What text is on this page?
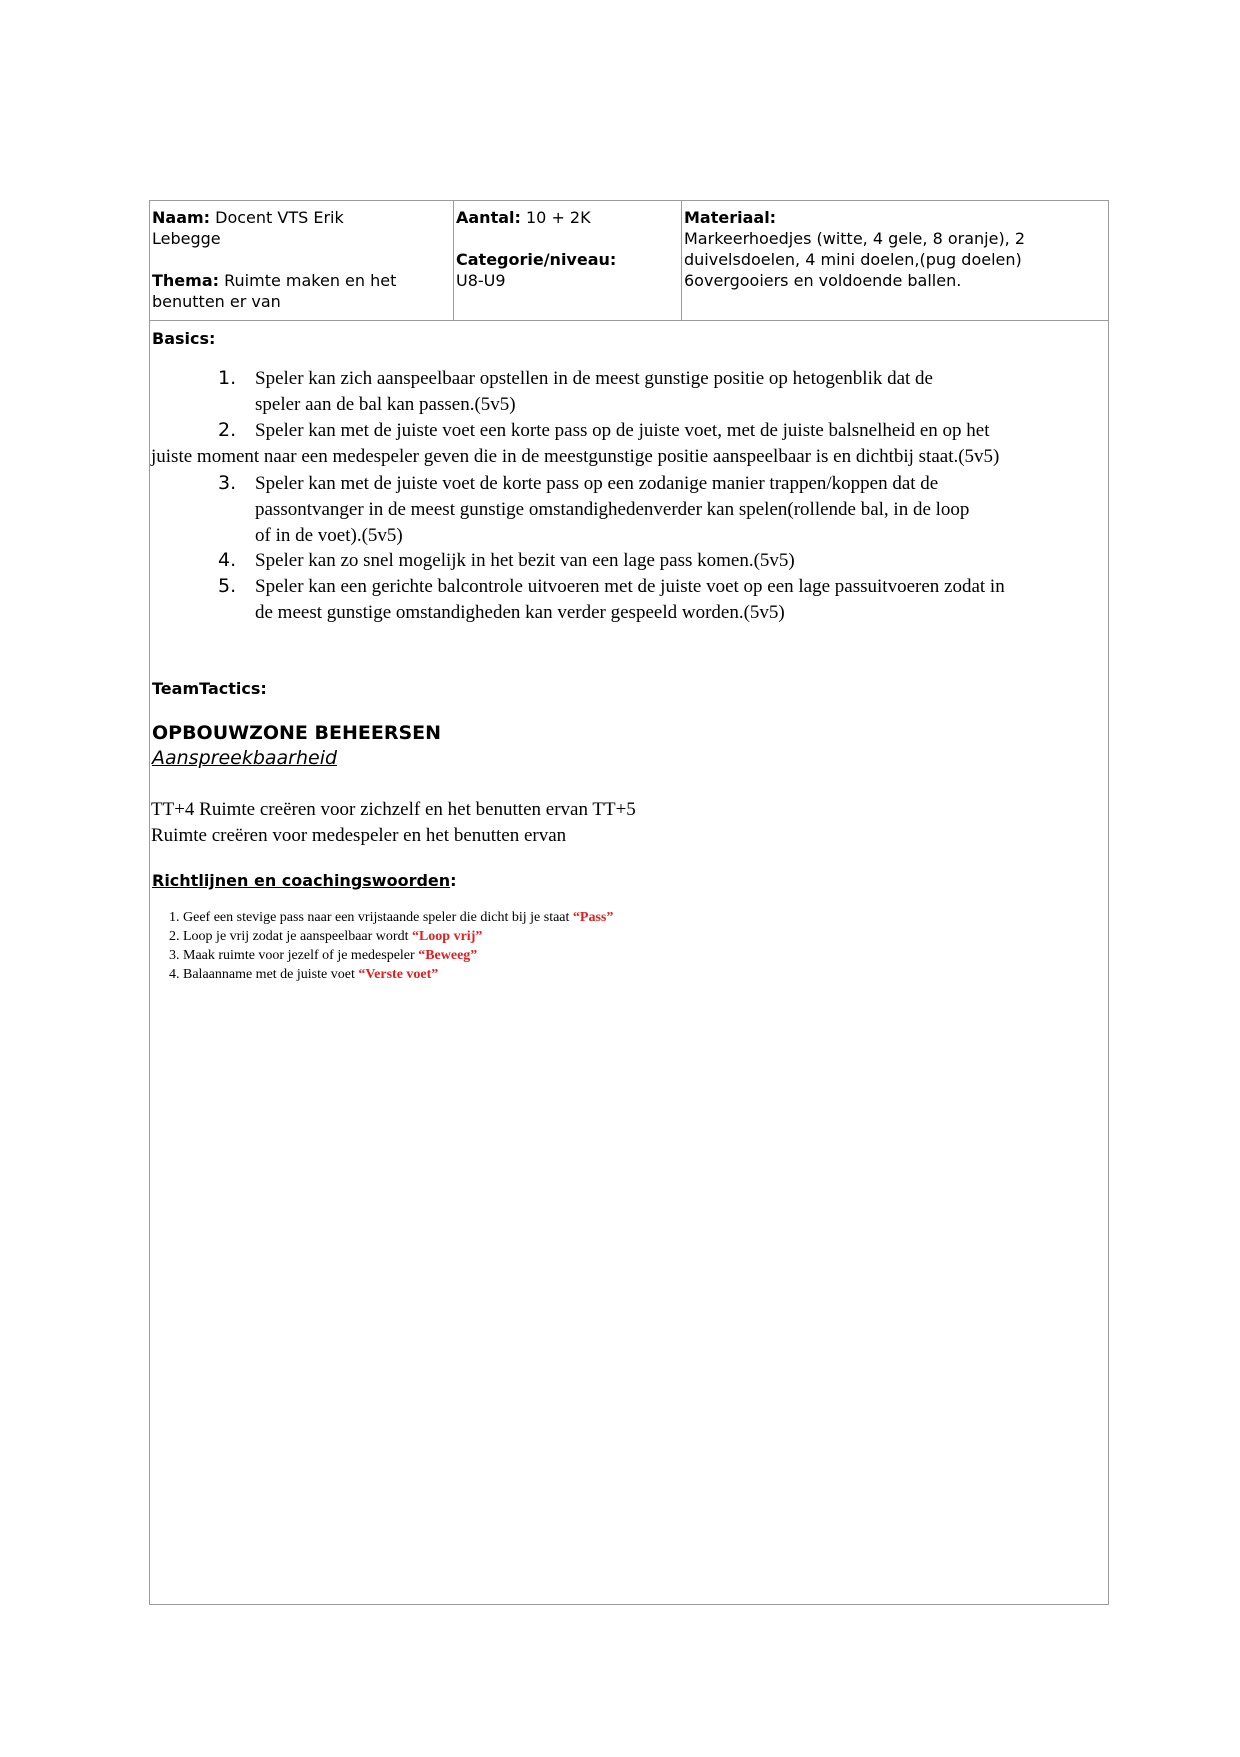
Naam: Docent VTS Erik
Lebegge
Thema: Ruimte maken en het
benutten er van
Aantal: 10 + 2K
Categorie/niveau:
U8-U9
Materiaal:
Markeerhoedjes (witte, 4 gele, 8 oranje), 2
duivelsdoelen, 4 mini doelen,(pug doelen)
6overgooiers en voldoende ballen.
Basics:
1. Speler kan zich aanspeelbaar opstellen in de meest gunstige positie op hetogenblik dat de
speler aan de bal kan passen.(5v5)
2. Speler kan met de juiste voet een korte pass op de juiste voet, met de juiste balsnelheid en op het
juiste moment naar een medespeler geven die in de meestgunstige positie aanspeelbaar is en dichtbij staat.(5v5)
3. Speler kan met de juiste voet de korte pass op een zodanige manier trappen/koppen dat de
passontvanger in de meest gunstige omstandighedenverder kan spelen(rollende bal, in de loop
of in de voet).(5v5)
4. Speler kan zo snel mogelijk in het bezit van een lage pass komen.(5v5)
5. Speler kan een gerichte balcontrole uitvoeren met de juiste voet op een lage passuitvoeren zodat in
de meest gunstige omstandigheden kan verder gespeeld worden.(5v5)
TeamTactics:
OPBOUWZONE BEHEERSEN
Aanspreekbaarheid
TT+4 Ruimte creëren voor zichzelf en het benutten ervan TT+5
Ruimte creëren voor medespeler en het benutten ervan
Richtlijnen en coachingswoorden:
1. Geef een stevige pass naar een vrijstaande speler die dicht bij je staat “Pass”
2. Loop je vrij zodat je aanspeelbaar wordt “Loop vrij”
3. Maak ruimte voor jezelf of je medespeler “Beweeg”
4. Balaanname met de juiste voet “Verste voet”
